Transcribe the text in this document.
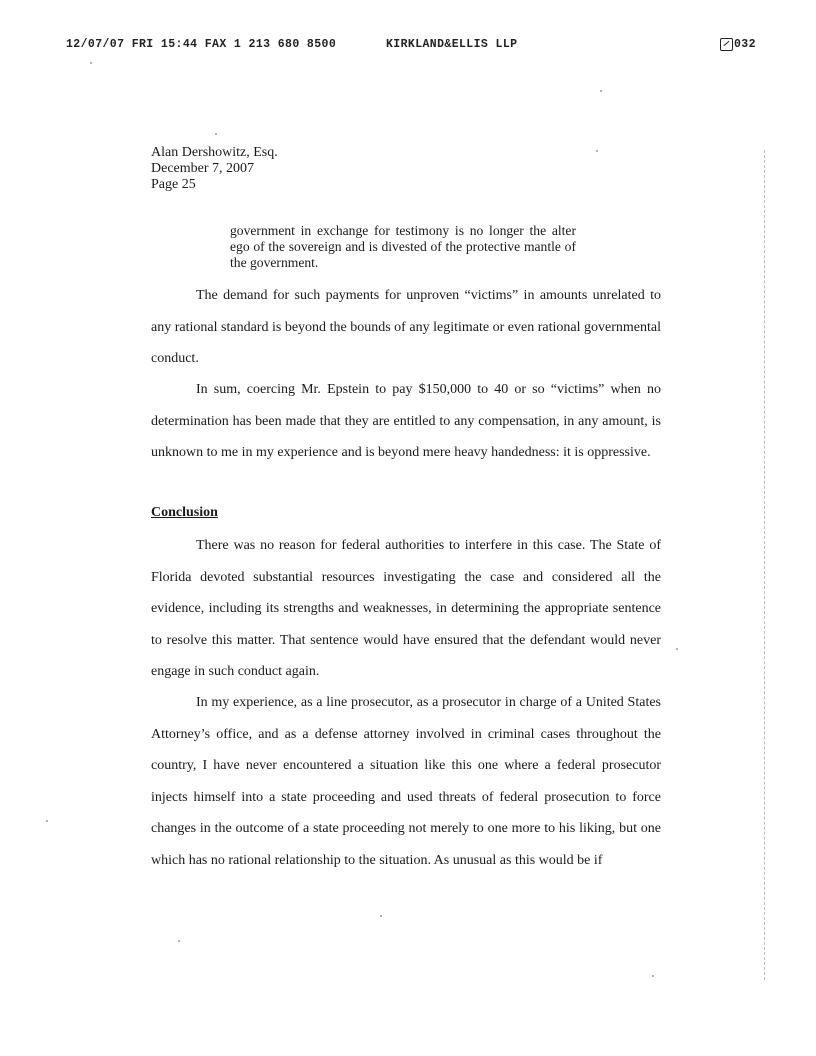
12/07/07 FRI 15:44 FAX 1 213 680 8500	KIRKLAND&ELLIS LLP	032
Alan Dershowitz, Esq.
December 7, 2007
Page 25

government in exchange for testimony is no longer the alter ego of the sovereign and is divested of the protective mantle of the government.

The demand for such payments for unproven “victims” in amounts unrelated to any rational standard is beyond the bounds of any legitimate or even rational governmental conduct.

In sum, coercing Mr. Epstein to pay $150,000 to 40 or so “victims” when no determination has been made that they are entitled to any compensation, in any amount, is unknown to me in my experience and is beyond mere heavy handedness: it is oppressive.

Conclusion

There was no reason for federal authorities to interfere in this case. The State of Florida devoted substantial resources investigating the case and considered all the evidence, including its strengths and weaknesses, in determining the appropriate sentence to resolve this matter. That sentence would have ensured that the defendant would never engage in such conduct again.

In my experience, as a line prosecutor, as a prosecutor in charge of a United States Attorney’s office, and as a defense attorney involved in criminal cases throughout the country, I have never encountered a situation like this one where a federal prosecutor injects himself into a state proceeding and used threats of federal prosecution to force changes in the outcome of a state proceeding not merely to one more to his liking, but one which has no rational relationship to the situation. As unusual as this would be if
